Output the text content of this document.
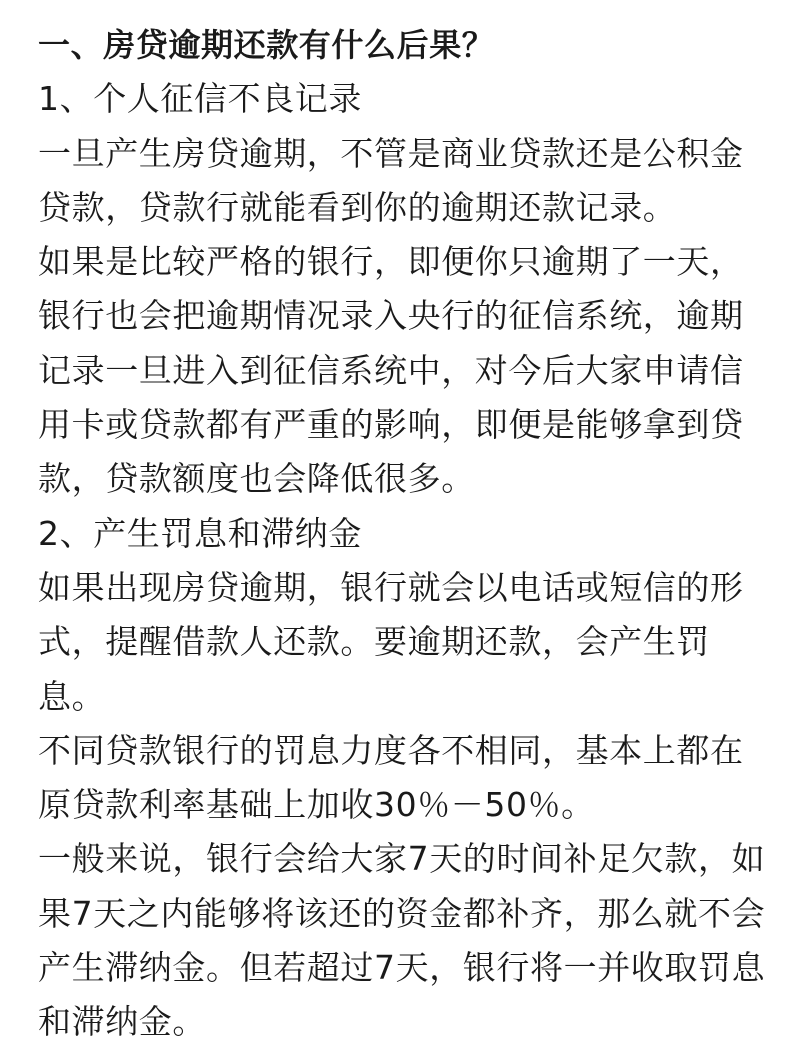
一、房贷逾期还款有什么后果？
1、个人征信不良记录
一旦产生房贷逾期，不管是商业贷款还是公积金
贷款，贷款行就能看到你的逾期还款记录。
如果是比较严格的银行，即便你只逾期了一天，
银行也会把逾期情况录入央行的征信系统，逾期
记录一旦进入到征信系统中，对今后大家申请信
用卡或贷款都有严重的影响，即便是能够拿到贷
款，贷款额度也会降低很多。
2、产生罚息和滞纳金
如果出现房贷逾期，银行就会以电话或短信的形
式，提醒借款人还款。要逾期还款，会产生罚
息。
不同贷款银行的罚息力度各不相同，基本上都在
原贷款利率基础上加收30％－50％。
一般来说，银行会给大家7天的时间补足欠款，如
果7天之内能够将该还的资金都补齐，那么就不会
产生滞纳金。但若超过7天，银行将一并收取罚息
和滞纳金。
